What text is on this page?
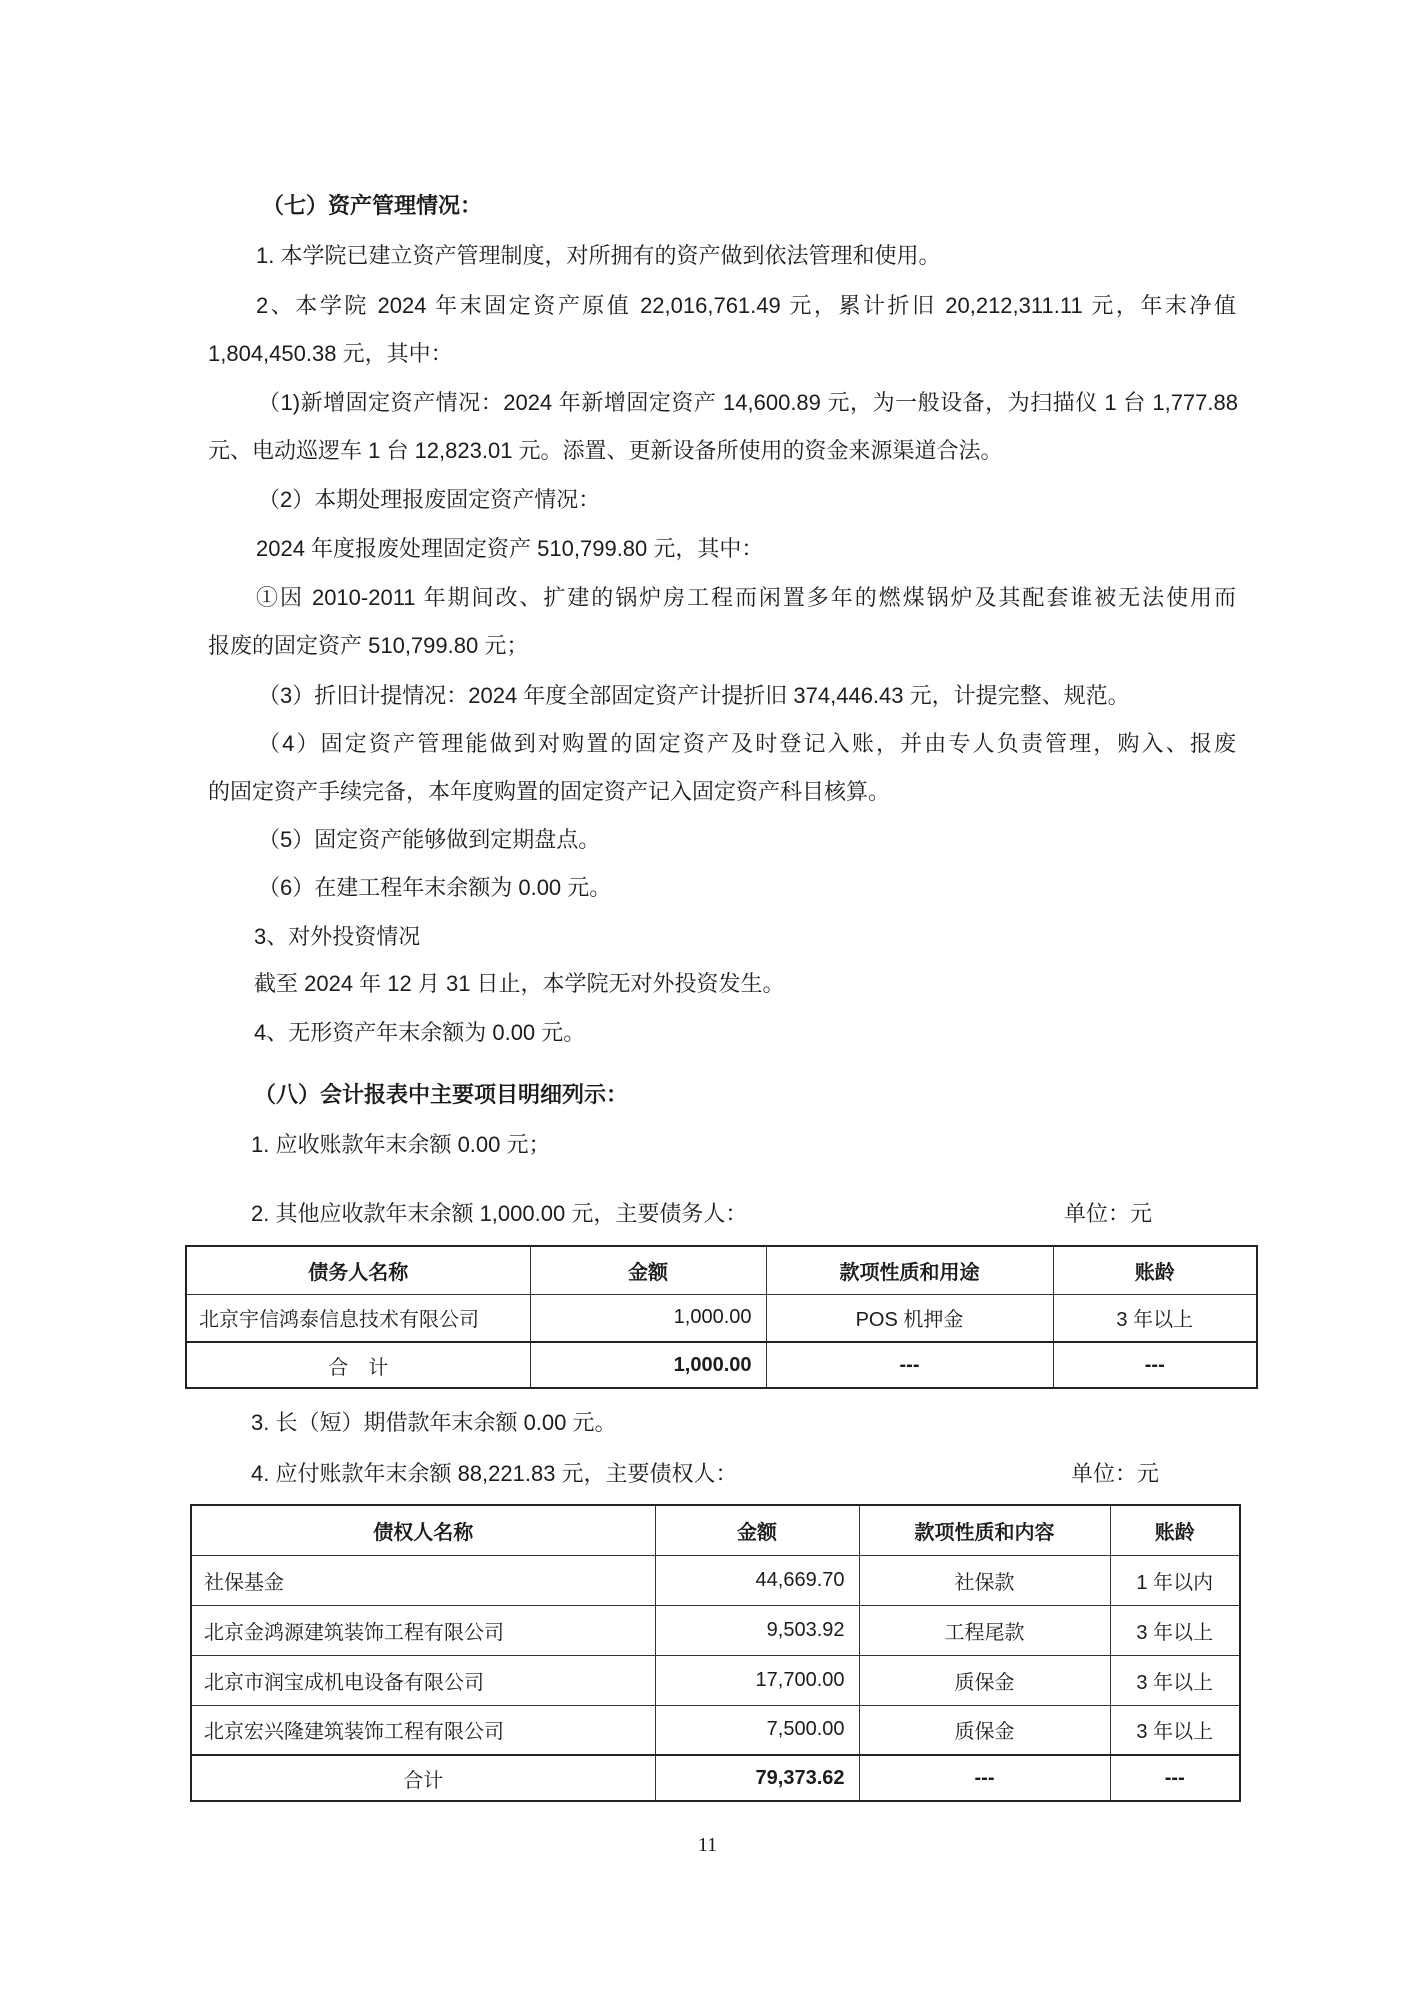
（七）资产管理情况：
1. 本学院已建立资产管理制度，对所拥有的资产做到依法管理和使用。
2、本学院 2024 年末固定资产原值 22,016,761.49 元，累计折旧 20,212,311.11 元，年末净值
1,804,450.38 元，其中：
（1)新增固定资产情况：2024 年新增固定资产 14,600.89 元，为一般设备，为扫描仪 1 台 1,777.88
元、电动巡逻车 1 台 12,823.01 元。添置、更新设备所使用的资金来源渠道合法。
（2）本期处理报废固定资产情况：
2024 年度报废处理固定资产 510,799.80 元，其中：
①因 2010-2011 年期间改、扩建的锅炉房工程而闲置多年的燃煤锅炉及其配套谁被无法使用而
报废的固定资产 510,799.80 元；
（3）折旧计提情况：2024 年度全部固定资产计提折旧 374,446.43 元，计提完整、规范。
（4）固定资产管理能做到对购置的固定资产及时登记入账，并由专人负责管理，购入、报废
的固定资产手续完备，本年度购置的固定资产记入固定资产科目核算。
（5）固定资产能够做到定期盘点。
（6）在建工程年末余额为 0.00 元。
3、对外投资情况
截至 2024 年 12 月 31 日止，本学院无对外投资发生。
4、无形资产年末余额为 0.00 元。
（八）会计报表中主要项目明细列示：
1. 应收账款年末余额 0.00 元；
2. 其他应收款年末余额 1,000.00 元，主要债务人：	单位：元
债务人名称	金额	款项性质和用途	账龄
北京宇信鸿泰信息技术有限公司	1,000.00	POS 机押金	3 年以上
合　计	1,000.00	---	---
3. 长（短）期借款年末余额 0.00 元。
4. 应付账款年末余额 88,221.83 元，主要债权人：	单位：元
债权人名称	金额	款项性质和内容	账龄
社保基金	44,669.70	社保款	1 年以内
北京金鸿源建筑装饰工程有限公司	9,503.92	工程尾款	3 年以上
北京市润宝成机电设备有限公司	17,700.00	质保金	3 年以上
北京宏兴隆建筑装饰工程有限公司	7,500.00	质保金	3 年以上
合计	79,373.62	---	---
11
